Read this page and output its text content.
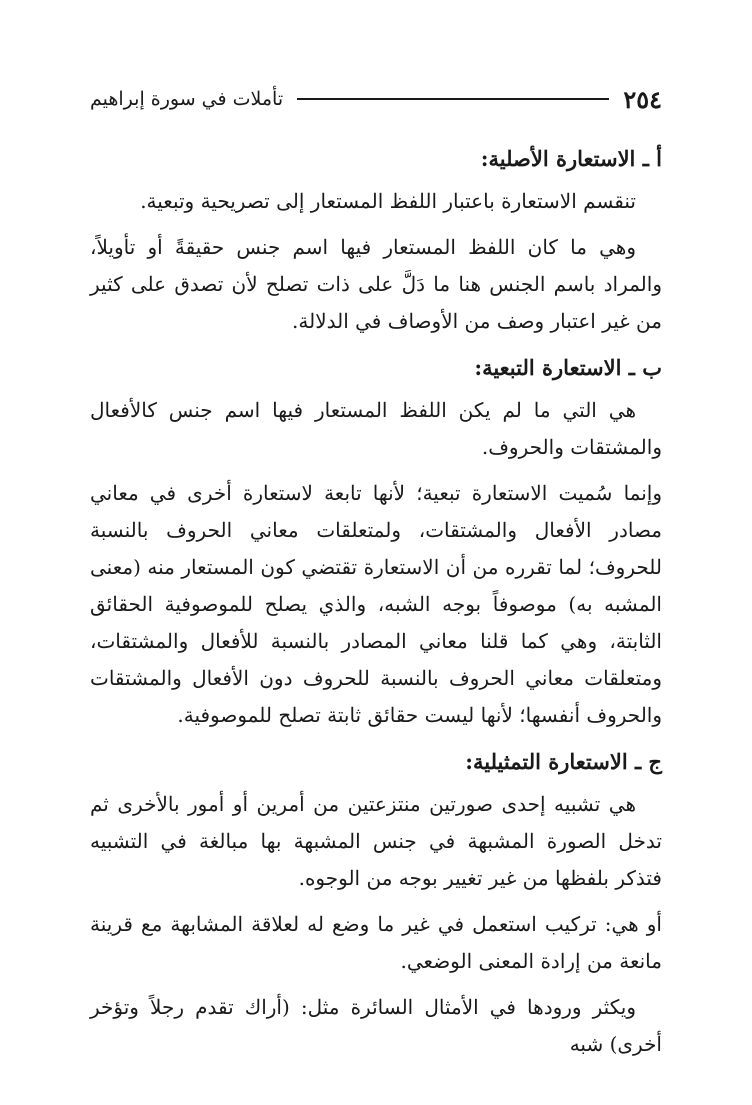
٢٥٤
تأملات في سورة إبراهيم
أ ـ الاستعارة الأصلية:

تنقسم الاستعارة باعتبار اللفظ المستعار إلى تصريحية وتبعية.

وهي ما كان اللفظ المستعار فيها اسم جنس حقيقةً أو تأويلاً، والمراد باسم الجنس هنا ما دَلَّ على ذات تصلح لأن تصدق على كثير من غير اعتبار وصف من الأوصاف في الدلالة.

ب ـ الاستعارة التبعية:

هي التي ما لم يكن اللفظ المستعار فيها اسم جنس كالأفعال والمشتقات والحروف.

وإنما سُميت الاستعارة تبعية؛ لأنها تابعة لاستعارة أخرى في معاني مصادر الأفعال والمشتقات، ولمتعلقات معاني الحروف بالنسبة للحروف؛ لما تقرره من أن الاستعارة تقتضي كون المستعار منه (معنى المشبه به) موصوفاً بوجه الشبه، والذي يصلح للموصوفية الحقائق الثابتة، وهي كما قلنا معاني المصادر بالنسبة للأفعال والمشتقات، ومتعلقات معاني الحروف بالنسبة للحروف دون الأفعال والمشتقات والحروف أنفسها؛ لأنها ليست حقائق ثابتة تصلح للموصوفية.

ج ـ الاستعارة التمثيلية:

هي تشبيه إحدى صورتين منتزعتين من أمرين أو أمور بالأخرى ثم تدخل الصورة المشبهة في جنس المشبهة بها مبالغة في التشبيه فتذكر بلفظها من غير تغيير بوجه من الوجوه.

أو هي: تركيب استعمل في غير ما وضع له لعلاقة المشابهة مع قرينة مانعة من إرادة المعنى الوضعي.

ويكثر ورودها في الأمثال السائرة مثل: (أراك تقدم رجلاً وتؤخر أخرى) شبه
